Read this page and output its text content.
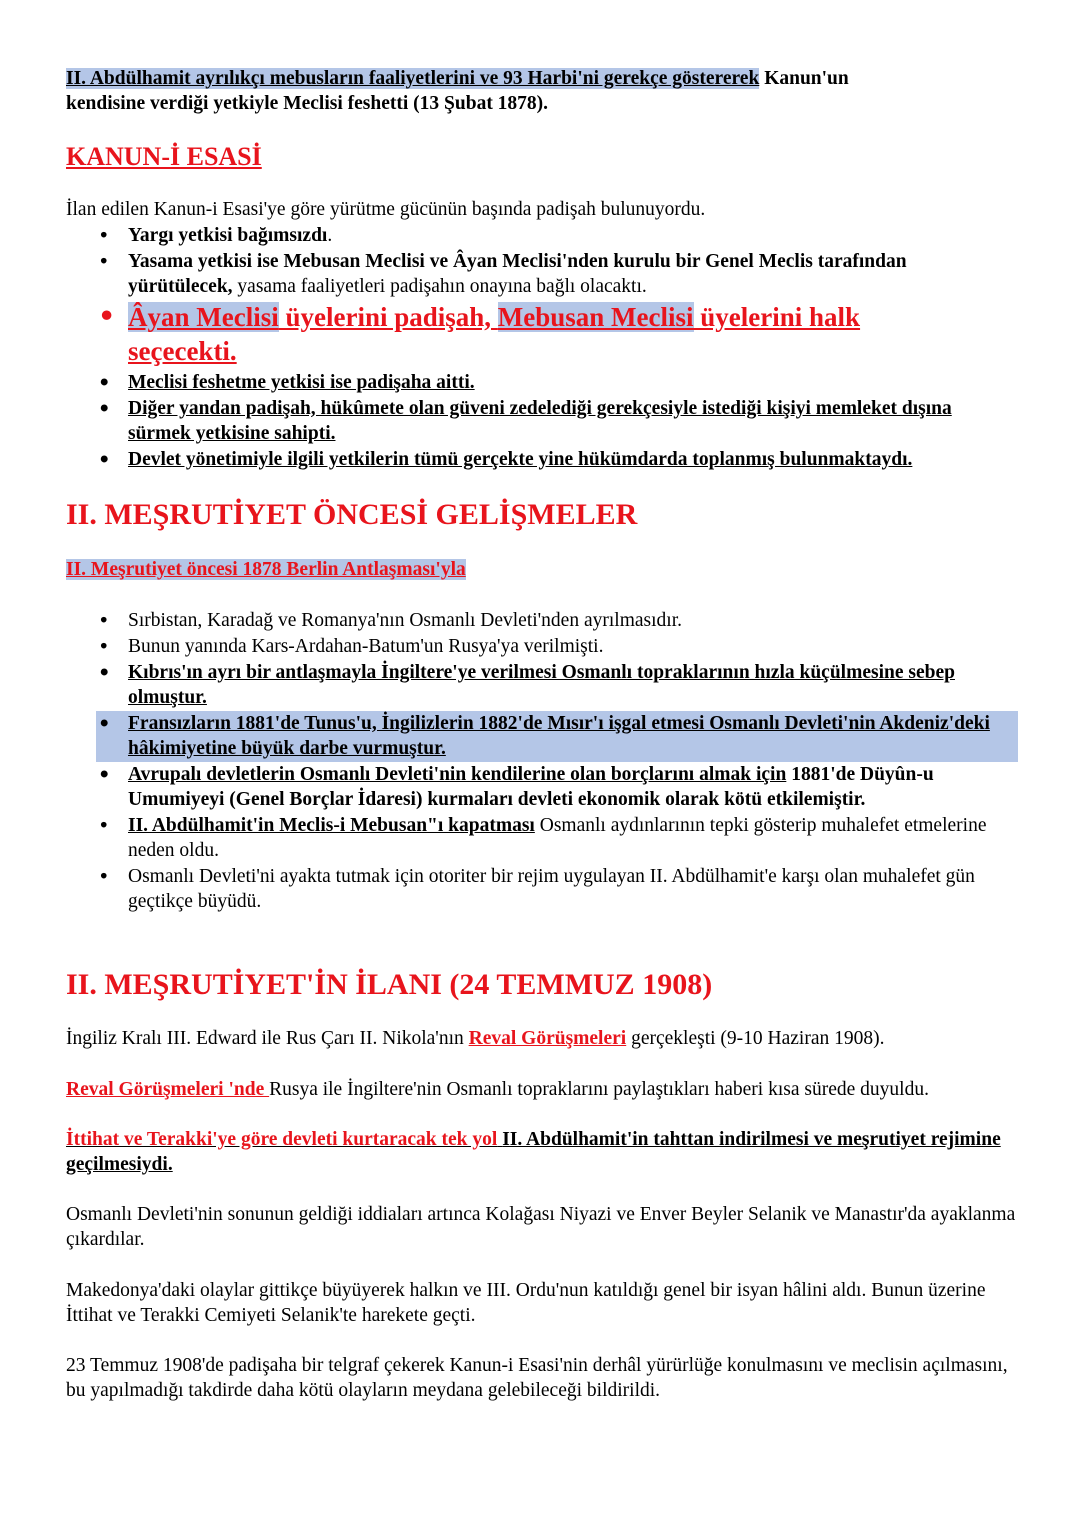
II. Abdülhamit ayrılıkçı mebusların faaliyetlerini ve 93 Harbi'ni gerekçe göstererek Kanun'un
kendisine verdiği yetkiyle Meclisi feshetti (13 Şubat 1878).

KANUN-İ ESASİ

İlan edilen Kanun-i Esasi'ye göre yürütme gücünün başında padişah bulunuyordu.

• Yargı yetkisi bağımsızdı.
• Yasama yetkisi ise Mebusan Meclisi ve Âyan Meclisi'nden kurulu bir Genel Meclis tarafından yürütülecek, yasama faaliyetleri padişahın onayına bağlı olacaktı.
• Âyan Meclisi üyelerini padişah, Mebusan Meclisi üyelerini halk seçecekti.
• Meclisi feshetme yetkisi ise padişaha aitti.
• Diğer yandan padişah, hükûmete olan güveni zedelediği gerekçesiyle istediği kişiyi memleket dışına sürmek yetkisine sahipti.
• Devlet yönetimiyle ilgili yetkilerin tümü gerçekte yine hükümdarda toplanmış bulunmaktaydı.
II. MEŞRUTİYET ÖNCESİ GELİŞMELER

II. Meşrutiyet öncesi 1878 Berlin Antlaşması'yla

• Sırbistan, Karadağ ve Romanya'nın Osmanlı Devleti'nden ayrılmasıdır.
• Bunun yanında Kars-Ardahan-Batum'un Rusya'ya verilmişti.
• Kıbrıs'ın ayrı bir antlaşmayla İngiltere'ye verilmesi Osmanlı topraklarının hızla küçülmesine sebep olmuştur.
• Fransızların 1881'de Tunus'u, İngilizlerin 1882'de Mısır'ı işgal etmesi Osmanlı Devleti'nin Akdeniz'deki hâkimiyetine büyük darbe vurmuştur.
• Avrupalı devletlerin Osmanlı Devleti'nin kendilerine olan borçlarını almak için 1881'de Düyûn-u Umumiyeyi (Genel Borçlar İdaresi) kurmaları devleti ekonomik olarak kötü etkilemiştir.
• II. Abdülhamit'in Meclis-i Mebusan"ı kapatması Osmanlı aydınlarının tepki gösterip muhalefet etmelerine neden oldu.
• Osmanlı Devleti'ni ayakta tutmak için otoriter bir rejim uygulayan II. Abdülhamit'e karşı olan muhalefet gün geçtikçe büyüdü.
II. MEŞRUTİYET'İN İLANI (24 TEMMUZ 1908)

İngiliz Kralı III. Edward ile Rus Çarı II. Nikola'nın Reval Görüşmeleri gerçekleşti (9-10 Haziran 1908).

Reval Görüşmeleri 'nde Rusya ile İngiltere'nin Osmanlı topraklarını paylaştıkları haberi kısa sürede duyuldu.

İttihat ve Terakki'ye göre devleti kurtaracak tek yol II. Abdülhamit'in tahttan indirilmesi ve meşrutiyet rejimine geçilmesiydi.

Osmanlı Devleti'nin sonunun geldiği iddiaları artınca Kolağası Niyazi ve Enver Beyler Selanik ve Manastır'da ayaklanma çıkardılar.

Makedonya'daki olaylar gittikçe büyüyerek halkın ve III. Ordu'nun katıldığı genel bir isyan hâlini aldı. Bunun üzerine İttihat ve Terakki Cemiyeti Selanik'te harekete geçti.

23 Temmuz 1908'de padişaha bir telgraf çekerek Kanun-i Esasi'nin derhâl yürürlüğe konulmasını ve meclisin açılmasını, bu yapılmadığı takdirde daha kötü olayların meydana gelebileceği bildirildi.
